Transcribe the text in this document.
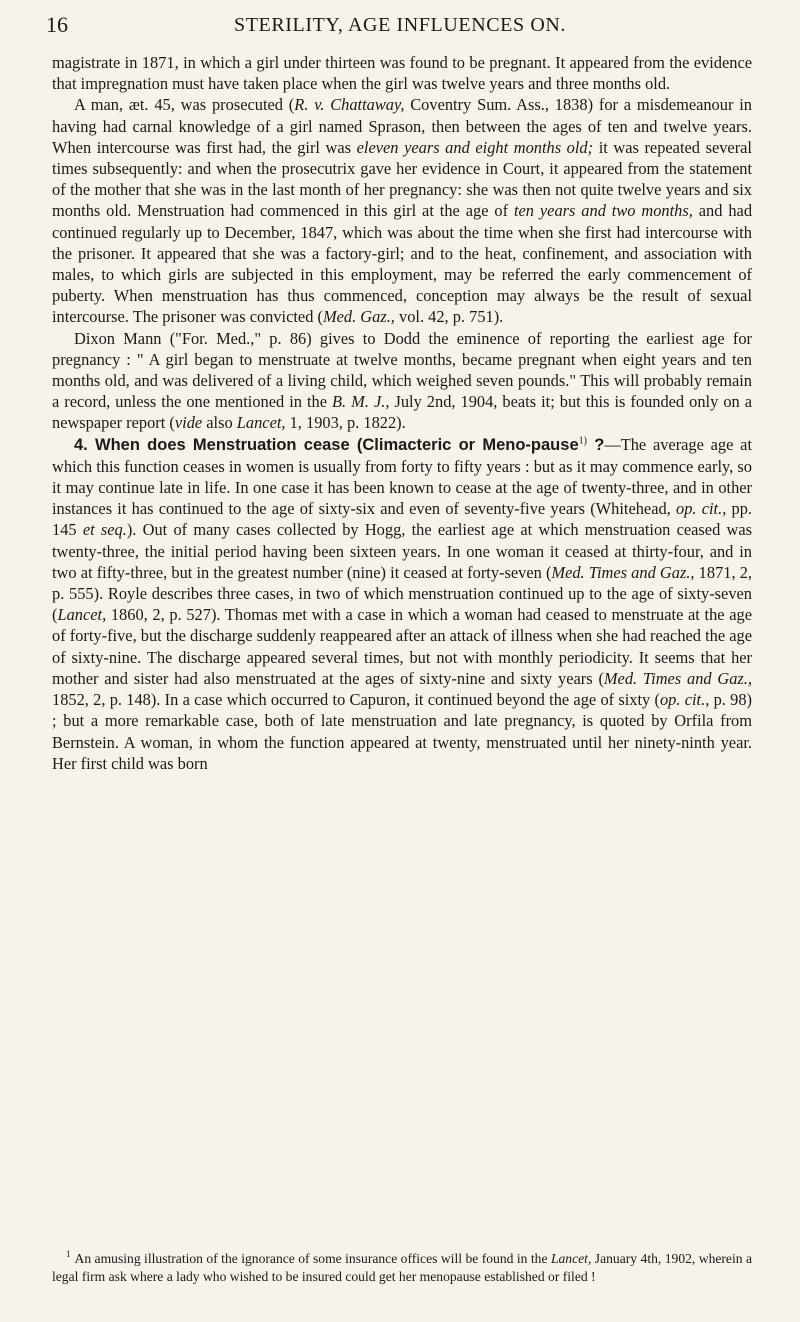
16	STERILITY, AGE INFLUENCES ON.

magistrate in 1871, in which a girl under thirteen was found to be pregnant. It appeared from the evidence that impregnation must have taken place when the girl was twelve years and three months old.

A man, æt. 45, was prosecuted (R. v. Chattaway, Coventry Sum. Ass., 1838) for a misdemeanour in having had carnal knowledge of a girl named Sprason, then between the ages of ten and twelve years. When intercourse was first had, the girl was eleven years and eight months old; it was repeated several times subsequently: and when the prosecutrix gave her evidence in Court, it appeared from the statement of the mother that she was in the last month of her pregnancy: she was then not quite twelve years and six months old. Menstruation had commenced in this girl at the age of ten years and two months, and had continued regularly up to December, 1847, which was about the time when she first had intercourse with the prisoner. It appeared that she was a factory-girl; and to the heat, confinement, and association with males, to which girls are subjected in this employment, may be referred the early commencement of puberty. When menstruation has thus commenced, conception may always be the result of sexual intercourse. The prisoner was convicted (Med. Gaz., vol. 42, p. 751).

Dixon Mann ("For. Med.," p. 86) gives to Dodd the eminence of reporting the earliest age for pregnancy : " A girl began to menstruate at twelve months, became pregnant when eight years and ten months old, and was delivered of a living child, which weighed seven pounds." This will probably remain a record, unless the one mentioned in the B. M. J., July 2nd, 1904, beats it; but this is founded only on a newspaper report (vide also Lancet, 1, 1903, p. 1822).

4. When does Menstruation cease (Climacteric or Meno-pause$^{1)}$ ?—The average age at which this function ceases in women is usually from forty to fifty years : but as it may commence early, so it may continue late in life. In one case it has been known to cease at the age of twenty-three, and in other instances it has continued to the age of sixty-six and even of seventy-five years (Whitehead, op. cit., pp. 145 et seq.). Out of many cases collected by Hogg, the earliest age at which menstruation ceased was twenty-three, the initial period having been sixteen years. In one woman it ceased at thirty-four, and in two at fifty-three, but in the greatest number (nine) it ceased at forty-seven (Med. Times and Gaz., 1871, 2, p. 555). Royle describes three cases, in two of which menstruation continued up to the age of sixty-seven (Lancet, 1860, 2, p. 527). Thomas met with a case in which a woman had ceased to menstruate at the age of forty-five, but the discharge suddenly reappeared after an attack of illness when she had reached the age of sixty-nine. The discharge appeared several times, but not with monthly periodicity. It seems that her mother and sister had also menstruated at the ages of sixty-nine and sixty years (Med. Times and Gaz., 1852, 2, p. 148). In a case which occurred to Capuron, it continued beyond the age of sixty (op. cit., p. 98) ; but a more remarkable case, both of late menstruation and late pregnancy, is quoted by Orfila from Bernstein. A woman, in whom the function appeared at twenty, menstruated until her ninety-ninth year. Her first child was born

$^1$ An amusing illustration of the ignorance of some insurance offices will be found in the Lancet, January 4th, 1902, wherein a legal firm ask where a lady who wished to be insured could get her menopause established or filed !
